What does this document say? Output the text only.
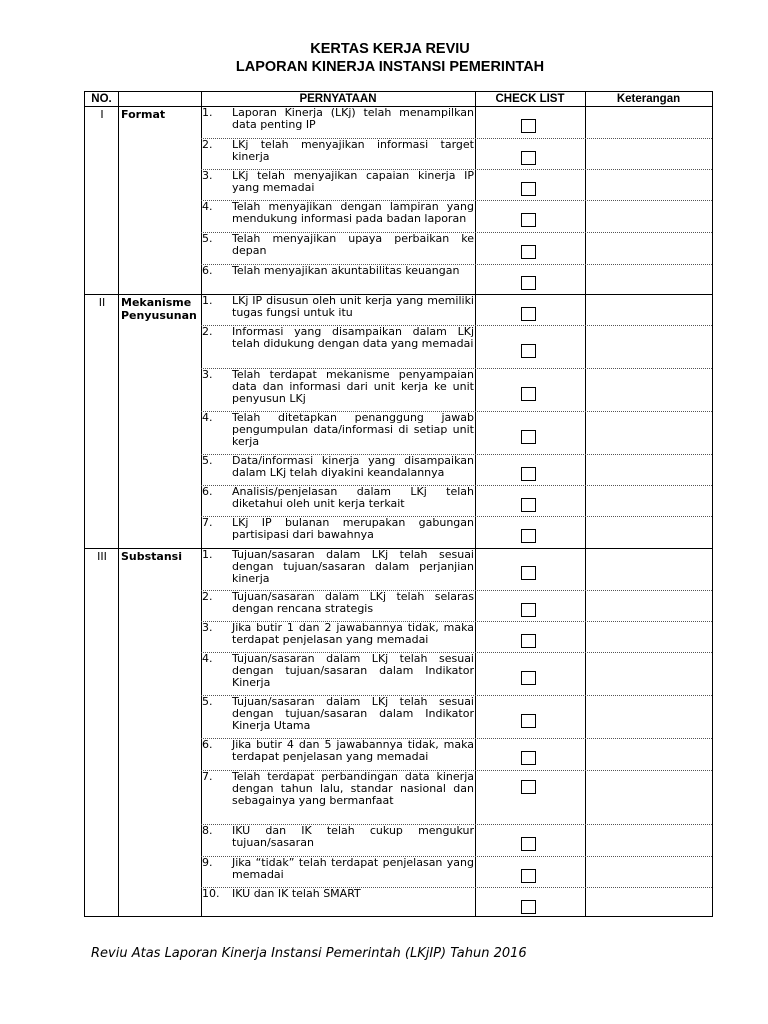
KERTAS KERJA REVIU
LAPORAN KINERJA INSTANSI PEMERINTAH
NO.	PERNYATAAN	CHECK LIST	Keterangan
I	Format	1.	Laporan Kinerja (LKj) telah menampilkan data penting IP
2.	LKj telah menyajikan informasi target kinerja
3.	LKj telah menyajikan capaian kinerja IP yang memadai
4.	Telah menyajikan dengan lampiran yang mendukung informasi pada badan laporan
5.	Telah menyajikan upaya perbaikan ke depan
6.	Telah menyajikan akuntabilitas keuangan
II	Mekanisme Penyusunan
1.	LKj IP disusun oleh unit kerja yang memiliki tugas fungsi untuk itu
2.	Informasi yang disampaikan dalam LKj telah didukung dengan data yang memadai
3.	Telah terdapat mekanisme penyampaian data dan informasi dari unit kerja ke unit penyusun LKj
4.	Telah ditetapkan penanggung jawab pengumpulan data/informasi di setiap unit kerja
5.	Data/informasi kinerja yang disampaikan dalam LKj telah diyakini keandalannya
6.	Analisis/penjelasan dalam LKj telah diketahui oleh unit kerja terkait
7.	LKj IP bulanan merupakan gabungan partisipasi dari bawahnya
III	Substansi	1.	Tujuan/sasaran dalam LKj telah sesuai dengan tujuan/sasaran dalam perjanjian kinerja
2.	Tujuan/sasaran dalam LKj telah selaras dengan rencana strategis
3.	Jika butir 1 dan 2 jawabannya tidak, maka terdapat penjelasan yang memadai
4.	Tujuan/sasaran dalam LKj telah sesuai dengan tujuan/sasaran dalam Indikator Kinerja
5.	Tujuan/sasaran dalam LKj telah sesuai dengan tujuan/sasaran dalam Indikator Kinerja Utama
6.	Jika butir 4 dan 5 jawabannya tidak, maka terdapat penjelasan yang memadai
7.	Telah terdapat perbandingan data kinerja dengan tahun lalu, standar nasional dan sebagainya yang bermanfaat
8.	IKU dan IK telah cukup mengukur tujuan/sasaran
9.	Jika “tidak” telah terdapat penjelasan yang memadai
10.	IKU dan IK telah SMART
Reviu Atas Laporan Kinerja Instansi Pemerintah (LKjIP) Tahun 2016
